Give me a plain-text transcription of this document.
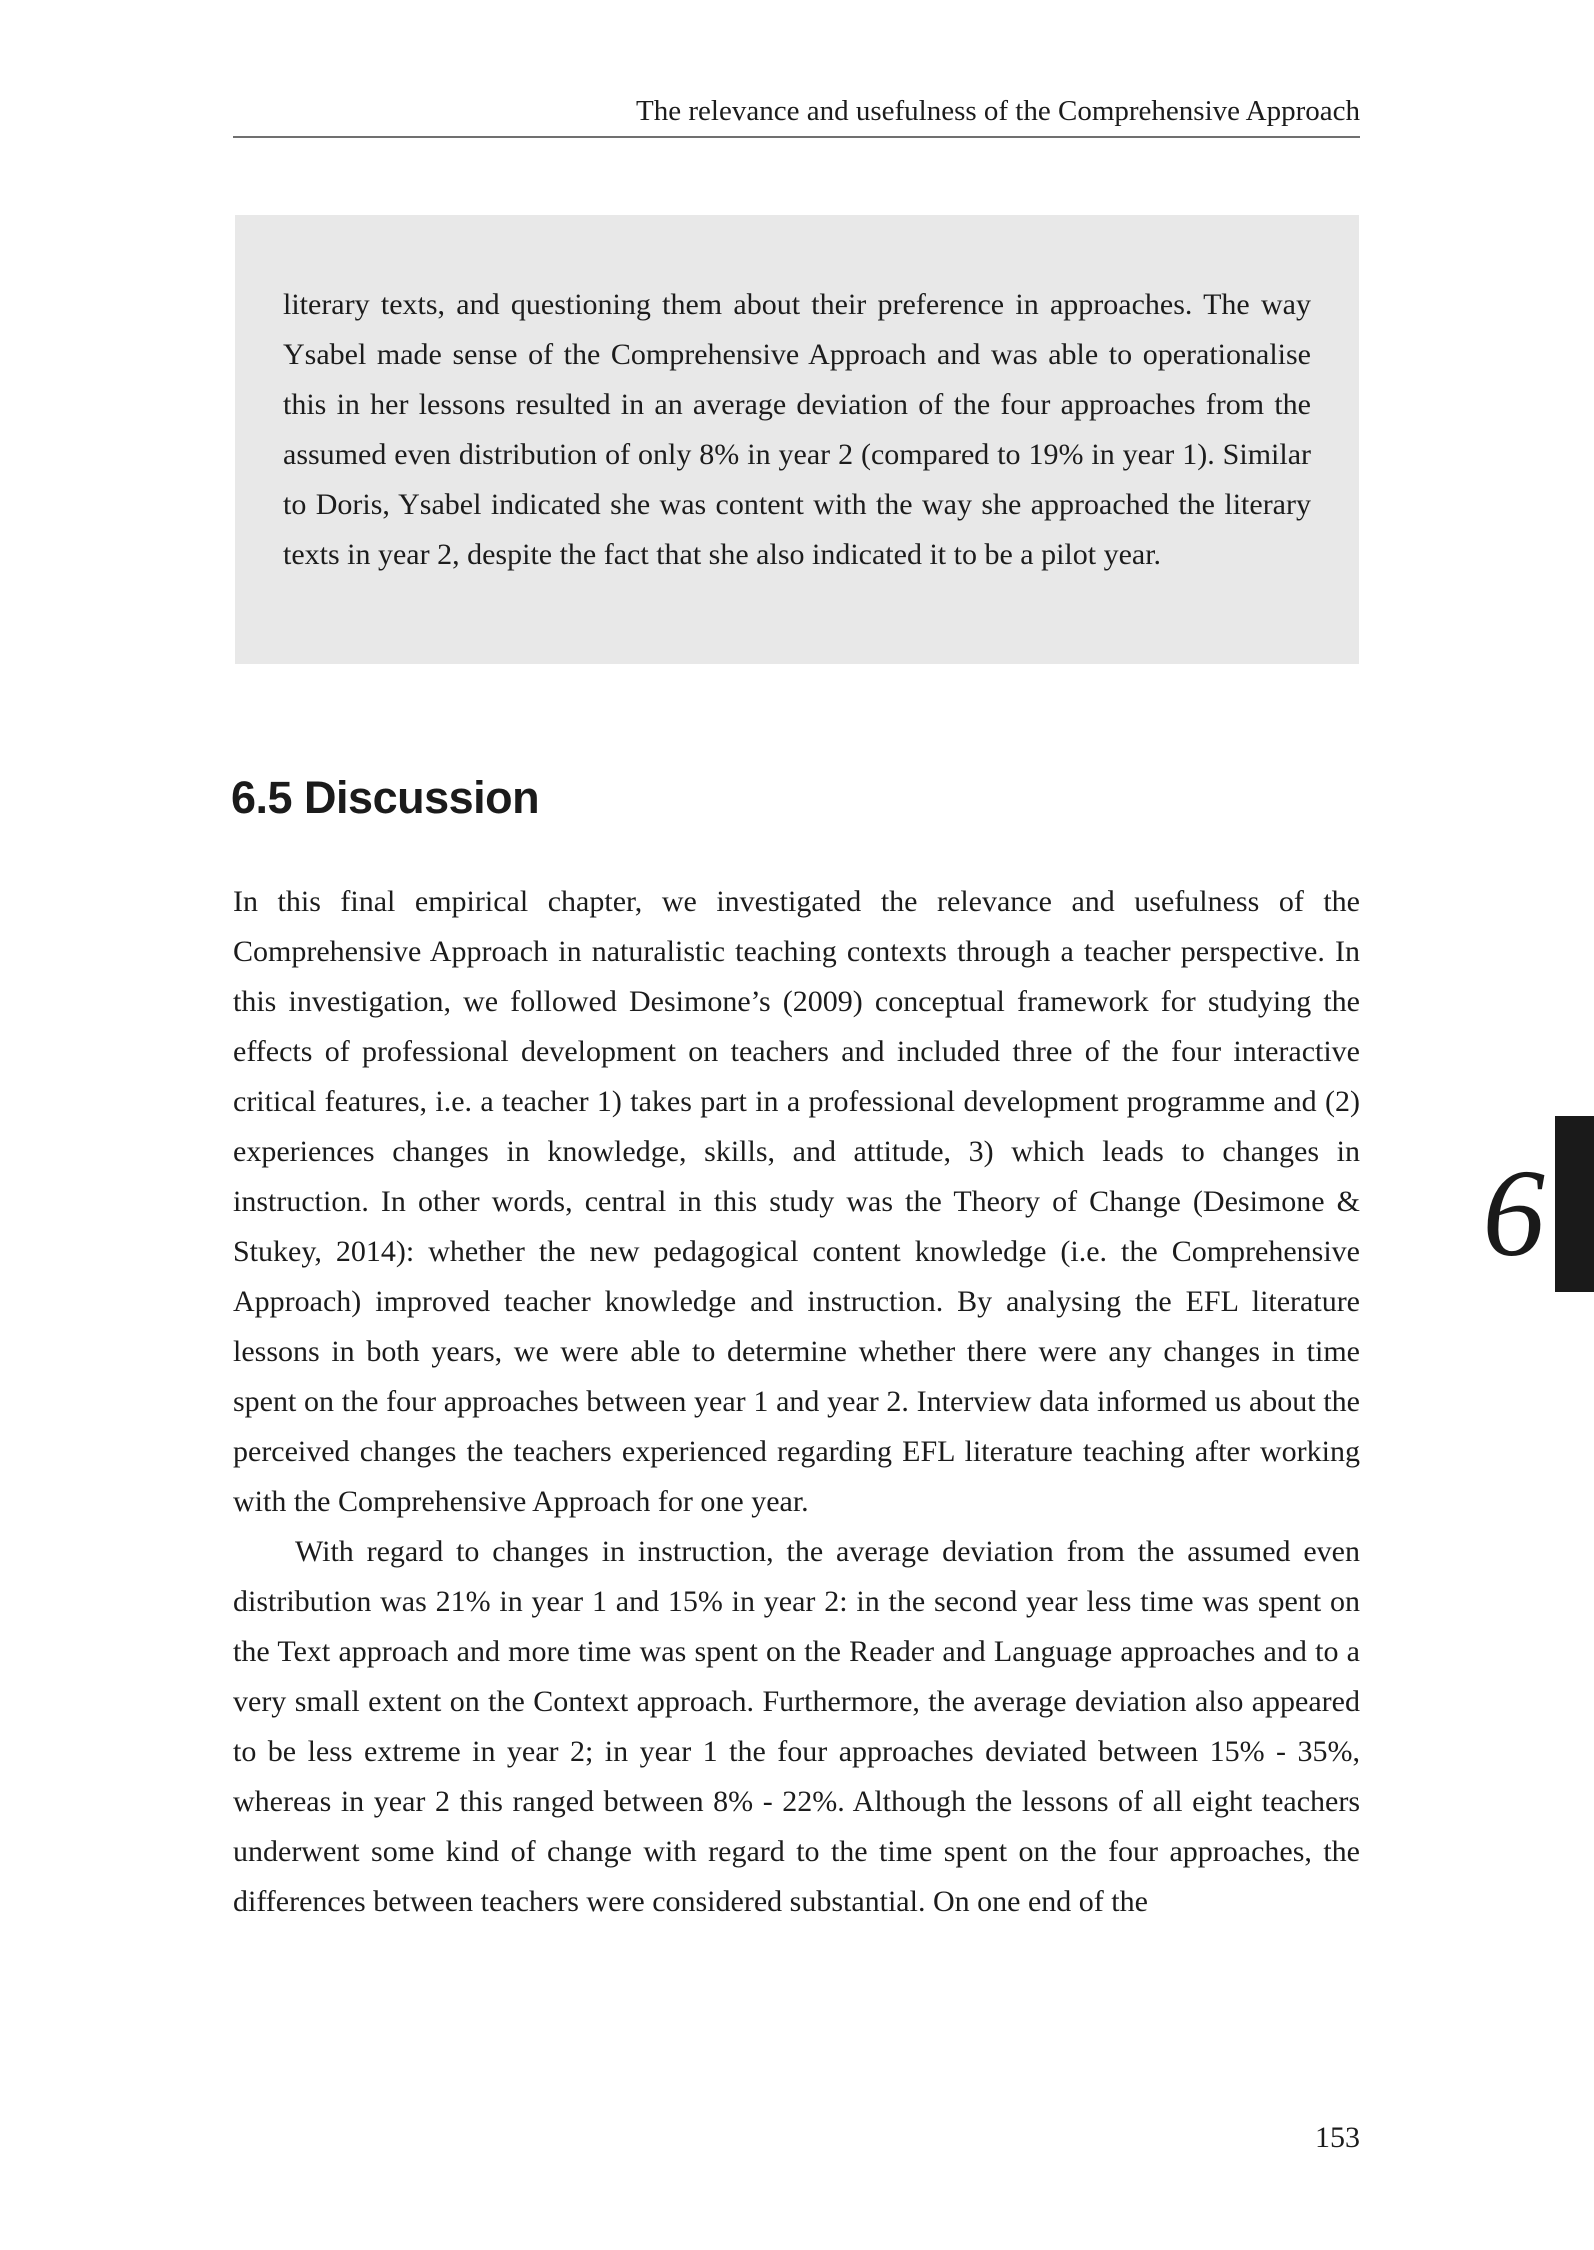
The relevance and usefulness of the Comprehensive Approach

literary texts, and questioning them about their preference in approaches. The way Ysabel made sense of the Comprehensive Approach and was able to operationalise this in her lessons resulted in an average deviation of the four approaches from the assumed even distribution of only 8% in year 2 (compared to 19% in year 1). Similar to Doris, Ysabel indicated she was content with the way she approached the literary texts in year 2, despite the fact that she also indicated it to be a pilot year.

6.5 Discussion

In this final empirical chapter, we investigated the relevance and usefulness of the Comprehensive Approach in naturalistic teaching contexts through a teacher perspective. In this investigation, we followed Desimone’s (2009) conceptual framework for studying the effects of professional development on teachers and included three of the four interactive critical features, i.e. a teacher 1) takes part in a professional development programme and (2) experiences changes in knowledge, skills, and attitude, 3) which leads to changes in instruction. In other words, central in this study was the Theory of Change (Desimone & Stukey, 2014): whether the new pedagogical content knowledge (i.e. the Comprehensive Approach) improved teacher knowledge and instruction. By analysing the EFL literature lessons in both years, we were able to determine whether there were any changes in time spent on the four approaches between year 1 and year 2. Interview data informed us about the perceived changes the teachers experienced regarding EFL literature teaching after working with the Comprehensive Approach for one year.

With regard to changes in instruction, the average deviation from the assumed even distribution was 21% in year 1 and 15% in year 2: in the second year less time was spent on the Text approach and more time was spent on the Reader and Language approaches and to a very small extent on the Context approach. Furthermore, the average deviation also appeared to be less extreme in year 2; in year 1 the four approaches deviated between 15% - 35%, whereas in year 2 this ranged between 8% - 22%. Although the lessons of all eight teachers underwent some kind of change with regard to the time spent on the four approaches, the differences between teachers were considered substantial. On one end of the

6
153
